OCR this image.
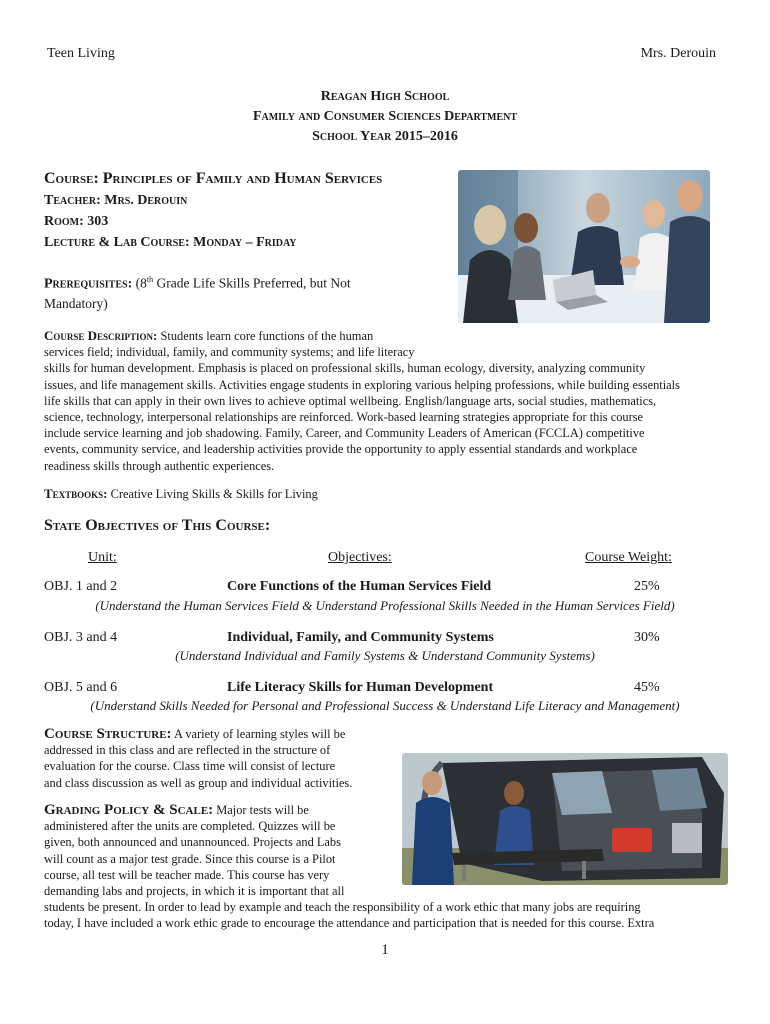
Teen Living	Mrs. Derouin
Reagan High School
Family and Consumer Sciences Department
School Year 2015–2016
Course: Principles of Family and Human Services
Teacher: Mrs. Derouin
Room: 303
Lecture & Lab Course: Monday – Friday
Prerequisites: (8th Grade Life Skills Preferred, but Not
Mandatory)
Course Description: Students learn core functions of the human
services field; individual, family, and community systems; and life literacy
skills for human development. Emphasis is placed on professional skills, human ecology, diversity, analyzing community
issues, and life management skills. Activities engage students in exploring various helping professions, while building essentials
life skills that can apply in their own lives to achieve optimal wellbeing. English/language arts, social studies, mathematics,
science, technology, interpersonal relationships are reinforced. Work-based learning strategies appropriate for this course
include service learning and job shadowing. Family, Career, and Community Leaders of American (FCCLA) competitive
events, community service, and leadership activities provide the opportunity to apply essential standards and workplace
readiness skills through authentic experiences.
Textbooks: Creative Living Skills & Skills for Living
State Objectives of This Course:
Unit:	Objectives:	Course Weight:
OBJ. 1 and 2	Core Functions of the Human Services Field	25%
(Understand the Human Services Field & Understand Professional Skills Needed in the Human Services Field)
OBJ. 3 and 4	Individual, Family, and Community Systems	30%
(Understand Individual and Family Systems & Understand Community Systems)
OBJ. 5 and 6	Life Literacy Skills for Human Development	45%
(Understand Skills Needed for Personal and Professional Success & Understand Life Literacy and Management)
Course Structure: A variety of learning styles will be
addressed in this class and are reflected in the structure of
evaluation for the course. Class time will consist of lecture
and class discussion as well as group and individual activities.
Grading Policy & Scale: Major tests will be
administered after the units are completed. Quizzes will be
given, both announced and unannounced. Projects and Labs
will count as a major test grade. Since this course is a Pilot
course, all test will be teacher made. This course has very
demanding labs and projects, in which it is important that all
students be present. In order to lead by example and teach the responsibility of a work ethic that many jobs are requiring
today, I have included a work ethic grade to encourage the attendance and participation that is needed for this course. Extra
1
